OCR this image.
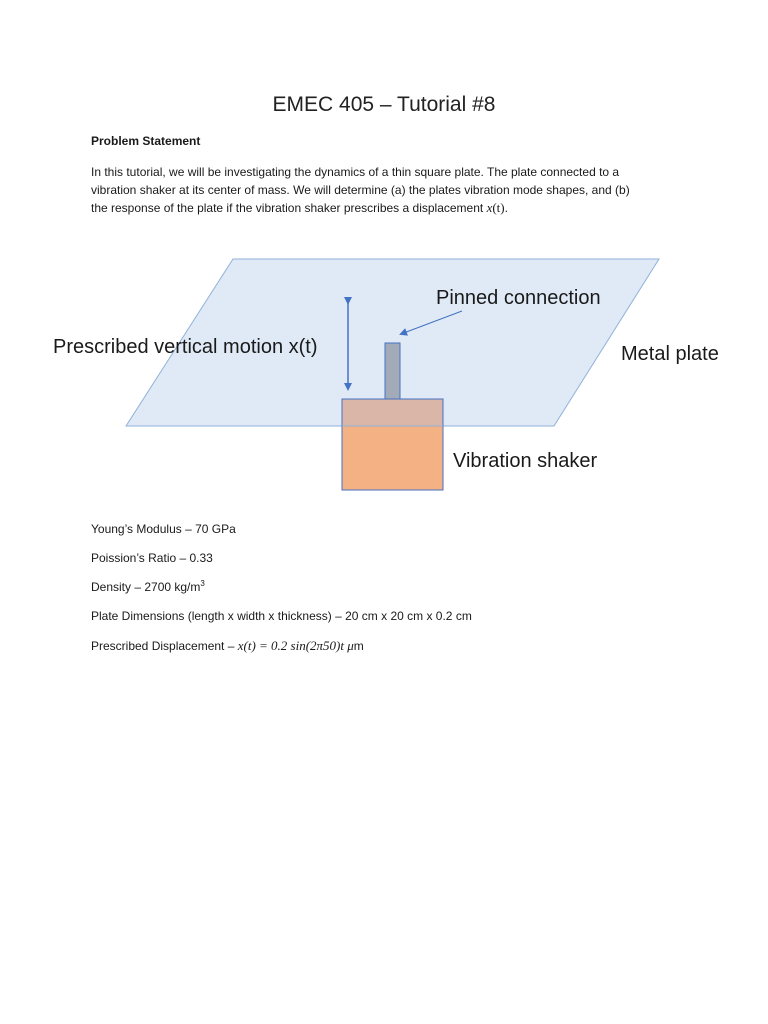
EMEC 405 – Tutorial #8
Problem Statement
In this tutorial, we will be investigating the dynamics of a thin square plate. The plate connected to a
vibration shaker at its center of mass. We will determine (a) the plates vibration mode shapes, and (b)
the response of the plate if the vibration shaker prescribes a displacement x(t).
Prescribed vertical motion x(t)
Pinned connection
Metal plate
Vibration shaker
Young’s Modulus – 70 GPa
Poission’s Ratio – 0.33
Density – 2700 $kg/m^3$
Plate Dimensions (length x width x thickness) – 20 cm x 20 cm x 0.2 cm
Prescribed Displacement – x(t) = 0.2 sin(2π50)t μm
